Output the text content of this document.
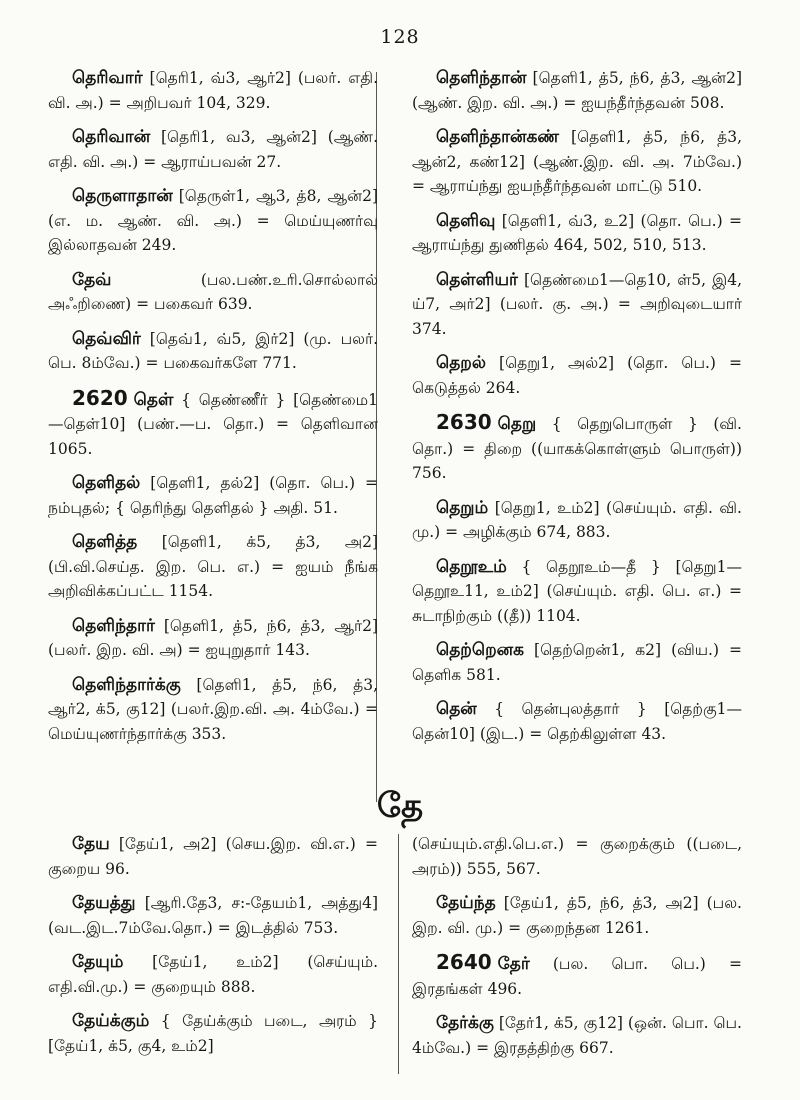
128

தெரிவார் [தெரி1, வ்3, ஆர்2] (பலர். எதி. வி. அ.) = அறிபவர் 104, 329.

தெரிவான் [தெரி1, வ3, ஆன்2] (ஆண். எதி. வி. அ.) = ஆராய்பவன் 27.

தெருளாதான் [தெருள்1, ஆ3, த்8, ஆன்2] (எ. ம. ஆண். வி. அ.) = மெய்யுணர்வு இல்லாதவன் 249.

தேவ் (பல.பண்.உரி.சொல்லால் அஃறிணை) = பகைவர் 639.

தெவ்விர் [தெவ்1, வ்5, இர்2] (மு. பலர். பெ. 8ம்வே.) = பகைவர்களே 771.

2620 தெள் { தெண்ணீர் } [தெண்மை1—தெள்10] (பண்.—ப. தொ.) = தெளிவான 1065.

தெளிதல் [தெளி1, தல்2] (தொ. பெ.) = நம்புதல்; { தெரிந்து தெளிதல் } அதி. 51.

தெளித்த [தெளி1, க்5, த்3, அ2] (பி.வி.செய்த. இற. பெ. எ.) = ஐயம் நீங்க அறிவிக்கப்பட்ட 1154.

தெளிந்தார் [தெளி1, த்5, ந்6, த்3, ஆர்2] (பலர். இற. வி. அ) = ஐயுறுதார் 143.

தெளிந்தார்க்கு [தெளி1, த்5, ந்6, த்3, ஆர்2, க்5, கு12] (பலர்.இற.வி. அ. 4ம்வே.) = மெய்யுணர்ந்தார்க்கு 353.

தெளிந்தான் [தெளி1, த்5, ந்6, த்3, ஆன்2] (ஆண். இற. வி. அ.) = ஐயந்தீர்ந்தவன் 508.

தெளிந்தான்கண் [தெளி1, த்5, ந்6, த்3, ஆன்2, கண்12] (ஆண்.இற. வி. அ. 7ம்வே.) = ஆராய்ந்து ஐயந்தீர்ந்தவன் மாட்டு 510.

தெளிவு [தெளி1, வ்3, உ2] (தொ. பெ.) = ஆராய்ந்து துணிதல் 464, 502, 510, 513.

தெள்ளியர் [தெண்மை1—தெ10, ள்5, இ4, ய்7, அர்2] (பலர். கு. அ.) = அறிவுடையார் 374.

தெறல் [தெறு1, அல்2] (தொ. பெ.) = கெடுத்தல் 264.

2630 தெறு { தெறுபொருள் } (வி. தொ.) = திறை ((யாகக்கொள்ளும் பொருள்)) 756.

தெறும் [தெறு1, உம்2] (செய்யும். எதி. வி. மு.) = அழிக்கும் 674, 883.

தெறூஉம் { தெறூஉம்—தீ } [தெறு1—தெறூஉ11, உம்2] (செய்யும். எதி. பெ. எ.) = சுடாநிற்கும் ((தீ)) 1104.

தெற்றெனக [தெற்றென்1, க2] (விய.) = தெளிக 581.

தென் { தென்புலத்தார் } [தெற்கு1—தென்10] (இட.) = தெற்கிலுள்ள 43.

தே

தேய [தேய்1, அ2] (செய.இற. வி.எ.) = குறைய 96.

தேயத்து [ஆரி.தே3, ச:-தேயம்1, அத்து4] (வட.இட.7ம்வே.தொ.) = இடத்தில் 753.

தேயும் [தேய்1, உம்2] (செய்யும். எதி.வி.மு.) = குறையும் 888.

தேய்க்கும் { தேய்க்கும் படை, அரம் } [தேய்1, க்5, கு4, உம்2]

(செய்யும்.எதி.பெ.எ.) = குறைக்கும் ((படை, அரம்)) 555, 567.

தேய்ந்த [தேய்1, த்5, ந்6, த்3, அ2] (பல. இற. வி. மு.) = குறைந்தன 1261.

2640 தேர் (பல. பொ. பெ.) = இரதங்கள் 496.

தேர்க்கு [தேர்1, க்5, கு12] (ஒன். பொ. பெ. 4ம்வே.) = இரதத்திற்கு 667.
